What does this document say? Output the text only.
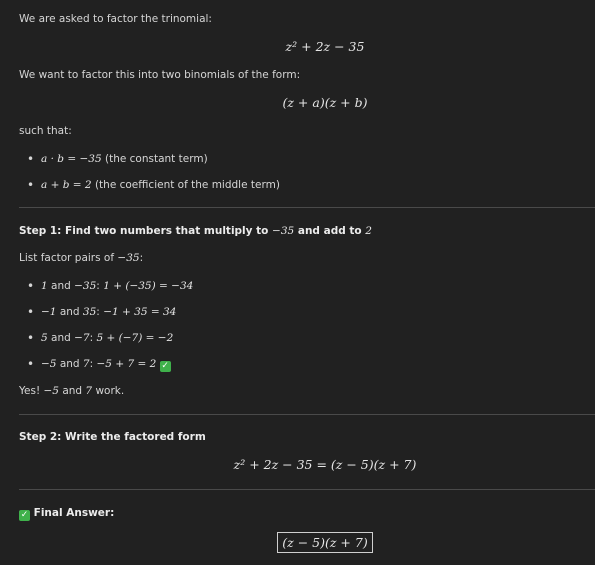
We are asked to factor the trinomial:

z² + 2z − 35

We want to factor this into two binomials of the form:

(z + a)(z + b)

such that:

• a · b = −35 (the constant term)
• a + b = 2 (the coefficient of the middle term)

Step 1: Find two numbers that multiply to −35 and add to 2

List factor pairs of −35:

• 1 and −35: 1 + (−35) = −34
• −1 and 35: −1 + 35 = 34
• 5 and −7: 5 + (−7) = −2
• −5 and 7: −5 + 7 = 2 ✓

Yes! −5 and 7 work.

Step 2: Write the factored form

z² + 2z − 35 = (z − 5)(z + 7)

✓ Final Answer:

(z − 5)(z + 7)
